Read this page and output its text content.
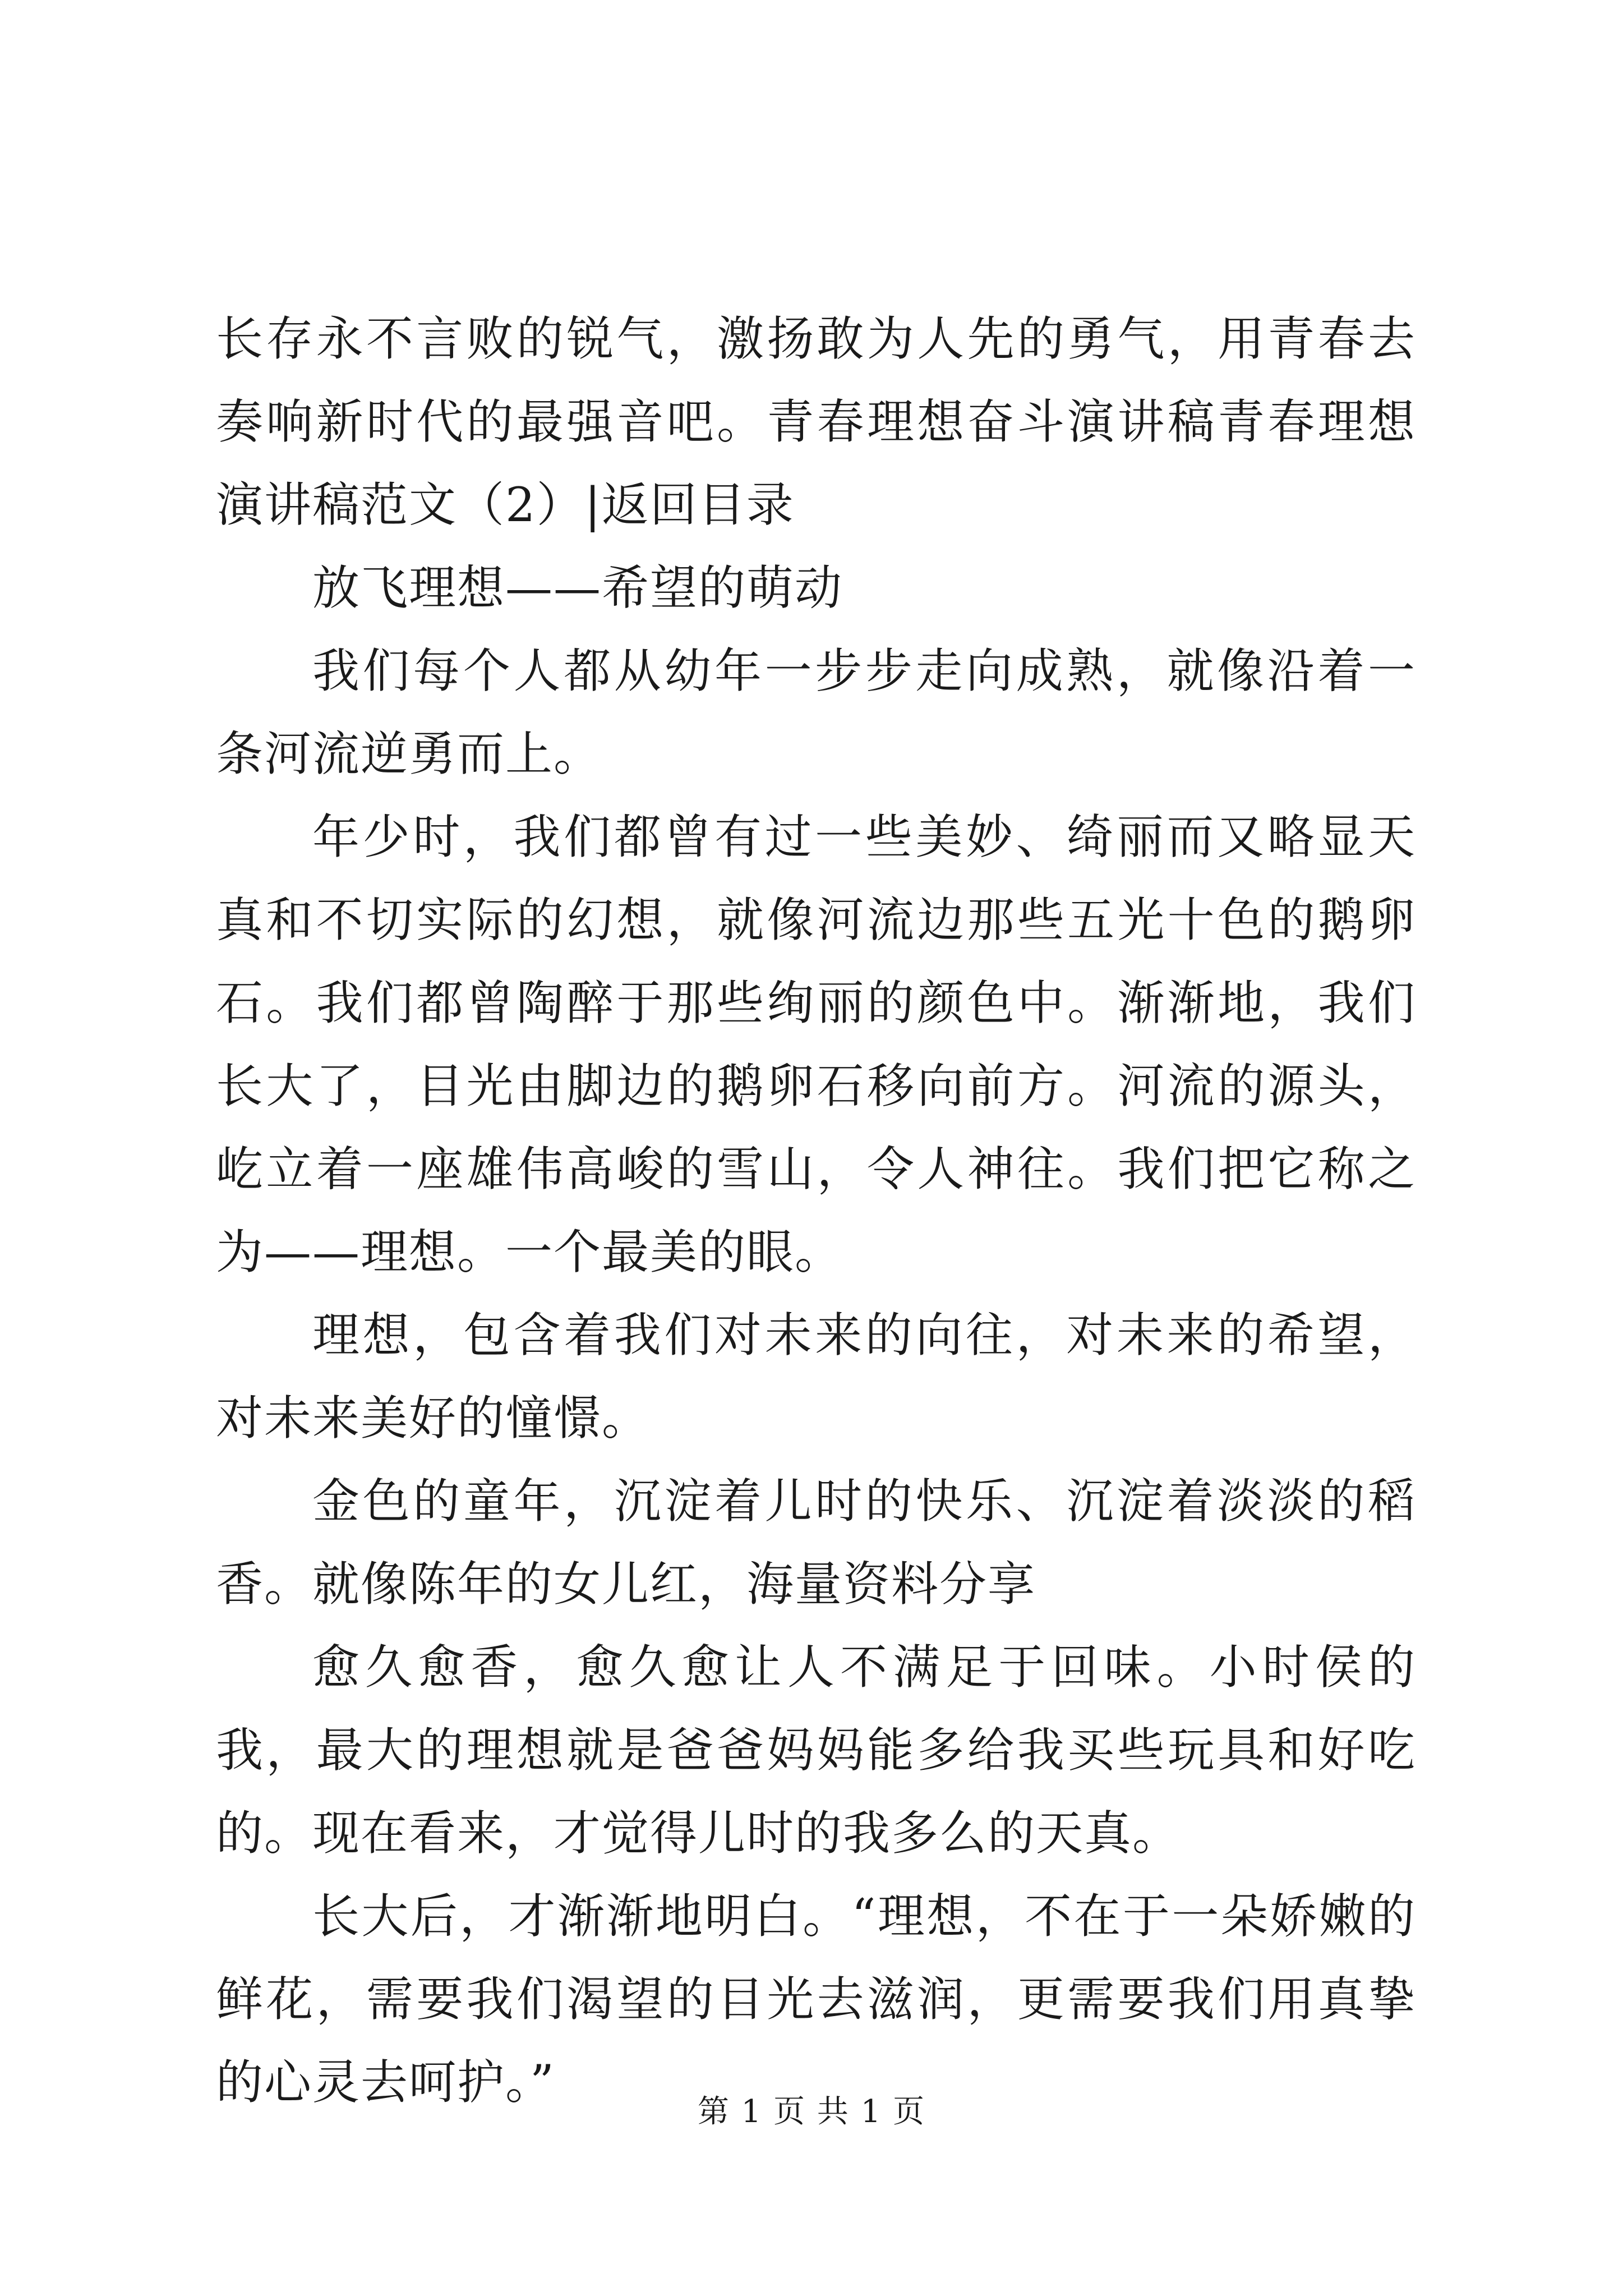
长存永不言败的锐气，激扬敢为人先的勇气，用青春去奏响新时代的最强音吧。青春理想奋斗演讲稿青春理想演讲稿范文（2）|返回目录

放飞理想——希望的萌动

我们每个人都从幼年一步步走向成熟，就像沿着一条河流逆勇而上。

年少时，我们都曾有过一些美妙、绮丽而又略显天真和不切实际的幻想，就像河流边那些五光十色的鹅卵石。我们都曾陶醉于那些绚丽的颜色中。渐渐地，我们长大了，目光由脚边的鹅卵石移向前方。河流的源头，屹立着一座雄伟高峻的雪山，令人神往。我们把它称之为——理想。一个最美的眼。

理想，包含着我们对未来的向往，对未来的希望，对未来美好的憧憬。

金色的童年，沉淀着儿时的快乐、沉淀着淡淡的稻香。就像陈年的女儿红，海量资料分享

愈久愈香，愈久愈让人不满足于回味。小时侯的我，最大的理想就是爸爸妈妈能多给我买些玩具和好吃的。现在看来，才觉得儿时的我多么的天真。

长大后，才渐渐地明白。“理想，不在于一朵娇嫩的鲜花，需要我们渴望的目光去滋润，更需要我们用真挚的心灵去呵护。”

第 1 页 共 1 页
